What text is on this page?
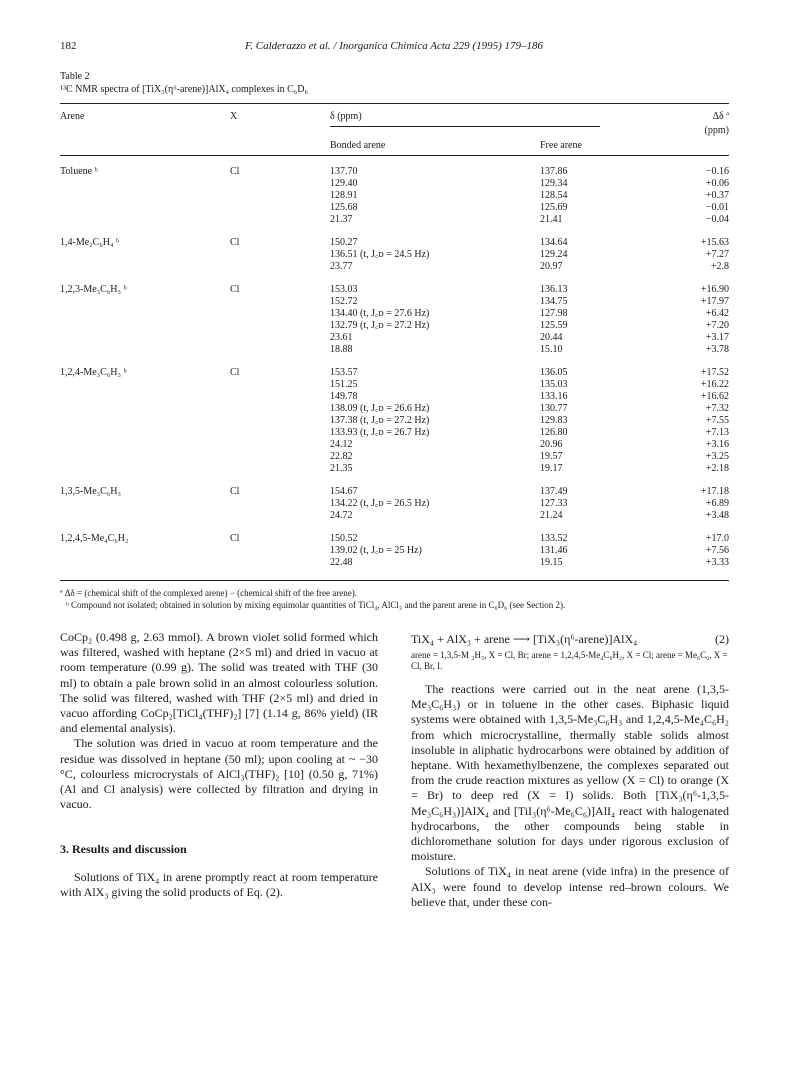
182	F. Calderazzo et al. / Inorganica Chimica Acta 229 (1995) 179–186
Table 2
¹³C NMR spectra of [TiX₃(η⁶-arene)]AlX₄ complexes in C₆D₆
Arene	X	δ (ppm)	Δδ ª
(ppm)
Bonded arene	Free arene
Toluene ᵇ	Cl	137.70	137.86	−0.16
129.40	129.34	+0.06
128.91	128.54	+0.37
125.68	125.69	−0.01
21.37	21.41	−0.04
1,4-Me₂C₆H₄ ᵇ	Cl	150.27	134.64	+15.63
136.51 (t, J꜀ᴅ = 24.5 Hz)	129.24	+7.27
23.77	20.97	+2.8
1,2,3-Me₃C₆H₃ ᵇ	Cl	153.03	136.13	+16.90
152.72	134.75	+17.97
134.40 (t, J꜀ᴅ = 27.6 Hz)	127.98	+6.42
132.79 (t, J꜀ᴅ = 27.2 Hz)	125.59	+7.20
23.61	20.44	+3.17
18.88	15.10	+3.78
1,2,4-Me₃C₆H₃ ᵇ	Cl	153.57	136.05	+17.52
151.25	135.03	+16.22
149.78	133.16	+16.62
138.09 (t, J꜀ᴅ = 26.6 Hz)	130.77	+7.32
137.38 (t, J꜀ᴅ = 27.2 Hz)	129.83	+7.55
133.93 (t, J꜀ᴅ = 26.7 Hz)	126.80	+7.13
24.12	20.96	+3.16
22.82	19.57	+3.25
21.35	19.17	+2.18
1,3,5-Me₃C₆H₃	Cl	154.67	137.49	+17.18
134.22 (t, J꜀ᴅ = 26.5 Hz)	127.33	+6.89
24.72	21.24	+3.48
1,2,4,5-Me₄C₆H₂	Cl	150.52	133.52	+17.0
139.02 (t, J꜀ᴅ = 25 Hz)	131.46	+7.56
22.48	19.15	+3.33

ª Δδ = (chemical shift of the complexed arene) − (chemical shift of the free arene).

ᵇ Compound not isolated; obtained in solution by mixing equimolar quantities of TiCl₄, AlCl₃ and the parent arene in C₆D₆ (see Section 2).

CoCp₂ (0.498 g, 2.63 mmol). A brown violet solid formed which was filtered, washed with heptane (2×5 ml) and dried in vacuo at room temperature (0.99 g). The solid was treated with THF (30 ml) to obtain a pale brown solid in an almost colourless solution. The solid was filtered, washed with THF (2×5 ml) and dried in vacuo affording CoCp₂[TiCl₄(THF)₂] [7] (1.14 g, 86% yield) (IR and elemental analysis).

The solution was dried in vacuo at room temperature and the residue was dissolved in heptane (50 ml); upon cooling at ~ −30 °C, colourless microcrystals of AlCl₃(THF)₂ [10] (0.50 g, 71%) (Al and Cl analysis) were collected by filtration and drying in vacuo.

3. Results and discussion

Solutions of TiX₄ in arene promptly react at room temperature with AlX₃ giving the solid products of Eq. (2).

TiX₄ + AlX₃ + arene ⟶ [TiX₃(η⁶-arene)]AlX₄	(2)

arene = 1,3,5-M ₃H₃, X = Cl, Br; arene = 1,2,4,5-Me₄C₆H₂, X = Cl; arene = Me₆C₆, X = Cl, Br, I.

The reactions were carried out in the neat arene (1,3,5-Me₃C₆H₃) or in toluene in the other cases. Biphasic liquid systems were obtained with 1,3,5-Me₃C₆H₃ and 1,2,4,5-Me₄C₆H₂ from which microcrystalline, thermally stable solids almost insoluble in aliphatic hydrocarbons were obtained by addition of heptane. With hexamethylbenzene, the complexes separated out from the crude reaction mixtures as yellow (X = Cl) to orange (X = Br) to deep red (X = I) solids. Both [TiX₃(η⁶-1,3,5-Me₃C₆H₃)]AlX₄ and [TiI₃(η⁶-Me₆C₆)]AlI₄ react with halogenated hydrocarbons, the other compounds being stable in dichloromethane solution for days under rigorous exclusion of moisture.

Solutions of TiX₄ in neat arene (vide infra) in the presence of AlX₃ were found to develop intense red–brown colours. We believe that, under these con-
